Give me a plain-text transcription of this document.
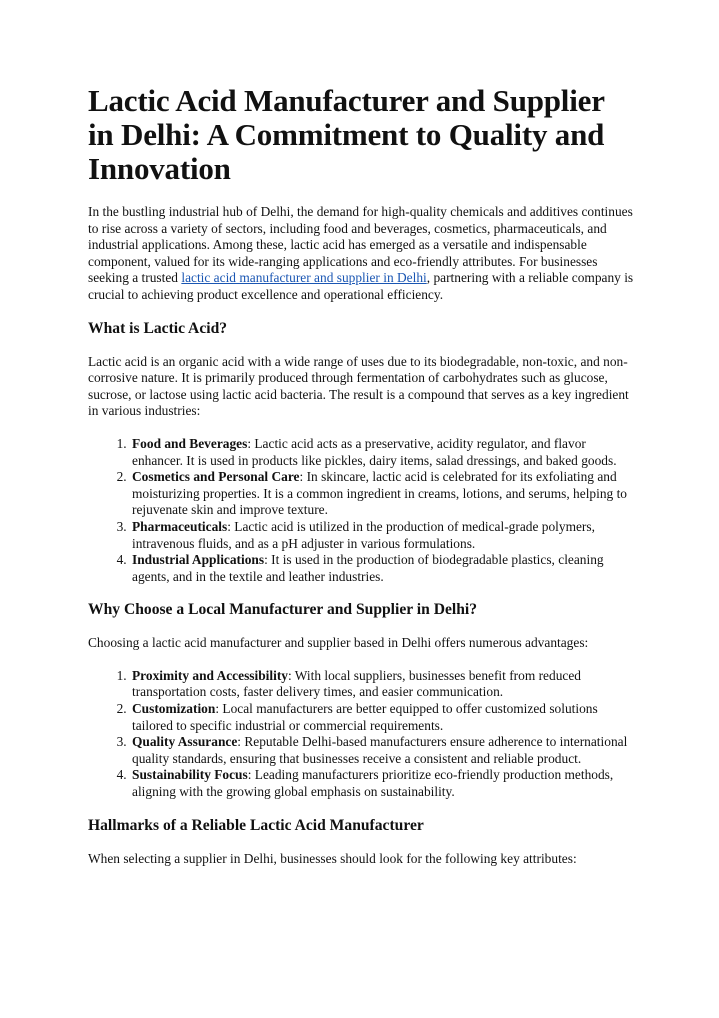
Lactic Acid Manufacturer and Supplier in Delhi: A Commitment to Quality and Innovation

In the bustling industrial hub of Delhi, the demand for high-quality chemicals and additives continues to rise across a variety of sectors, including food and beverages, cosmetics, pharmaceuticals, and industrial applications. Among these, lactic acid has emerged as a versatile and indispensable component, valued for its wide-ranging applications and eco-friendly attributes. For businesses seeking a trusted lactic acid manufacturer and supplier in Delhi, partnering with a reliable company is crucial to achieving product excellence and operational efficiency.

What is Lactic Acid?

Lactic acid is an organic acid with a wide range of uses due to its biodegradable, non-toxic, and non-corrosive nature. It is primarily produced through fermentation of carbohydrates such as glucose, sucrose, or lactose using lactic acid bacteria. The result is a compound that serves as a key ingredient in various industries:

1. Food and Beverages: Lactic acid acts as a preservative, acidity regulator, and flavor enhancer. It is used in products like pickles, dairy items, salad dressings, and baked goods.
2. Cosmetics and Personal Care: In skincare, lactic acid is celebrated for its exfoliating and moisturizing properties. It is a common ingredient in creams, lotions, and serums, helping to rejuvenate skin and improve texture.
3. Pharmaceuticals: Lactic acid is utilized in the production of medical-grade polymers, intravenous fluids, and as a pH adjuster in various formulations.
4. Industrial Applications: It is used in the production of biodegradable plastics, cleaning agents, and in the textile and leather industries.
Why Choose a Local Manufacturer and Supplier in Delhi?

Choosing a lactic acid manufacturer and supplier based in Delhi offers numerous advantages:

1. Proximity and Accessibility: With local suppliers, businesses benefit from reduced transportation costs, faster delivery times, and easier communication.
2. Customization: Local manufacturers are better equipped to offer customized solutions tailored to specific industrial or commercial requirements.
3. Quality Assurance: Reputable Delhi-based manufacturers ensure adherence to international quality standards, ensuring that businesses receive a consistent and reliable product.
4. Sustainability Focus: Leading manufacturers prioritize eco-friendly production methods, aligning with the growing global emphasis on sustainability.
Hallmarks of a Reliable Lactic Acid Manufacturer

When selecting a supplier in Delhi, businesses should look for the following key attributes:
